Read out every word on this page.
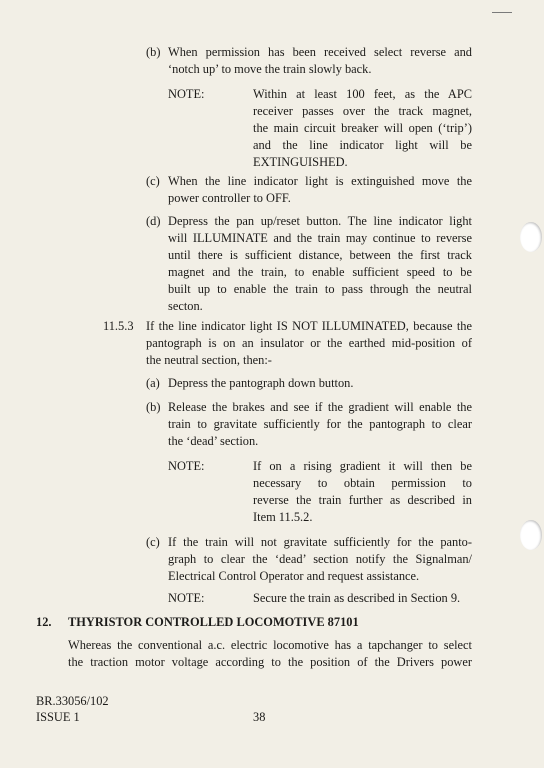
(b) When permission has been received select reverse and
‘notch up’ to move the train slowly back.
NOTE:	Within at least 100 feet, as the APC
receiver passes over the track magnet,
the main circuit breaker will open (‘trip’)
and the line indicator light will be
EXTINGUISHED.
(c) When the line indicator light is extinguished move the
power controller to OFF.
(d) Depress the pan up/reset button. The line indicator light
will ILLUMINATE and the train may continue to reverse
until there is sufficient distance, between the first track
magnet and the train, to enable sufficient speed to be
built up to enable the train to pass through the neutral
secton.
11.5.3 If the line indicator light IS NOT ILLUMINATED, because the
pantograph is on an insulator or the earthed mid-position of
the neutral section, then:-
(a) Depress the pantograph down button.
(b) Release the brakes and see if the gradient will enable the
train to gravitate sufficiently for the pantograph to clear
the ‘dead’ section.
NOTE:	If on a rising gradient it will then be
necessary to obtain permission to
reverse the train further as described in
Item 11.5.2.
(c) If the train will not gravitate sufficiently for the panto-
graph to clear the ‘dead’ section notify the Signalman/
Electrical Control Operator and request assistance.
NOTE:	Secure the train as described in Section 9.
12. THYRISTOR CONTROLLED LOCOMOTIVE 87101
Whereas the conventional a.c. electric locomotive has a tapchanger to select
the traction motor voltage according to the position of the Drivers power
BR.33056/102
ISSUE 1	38
